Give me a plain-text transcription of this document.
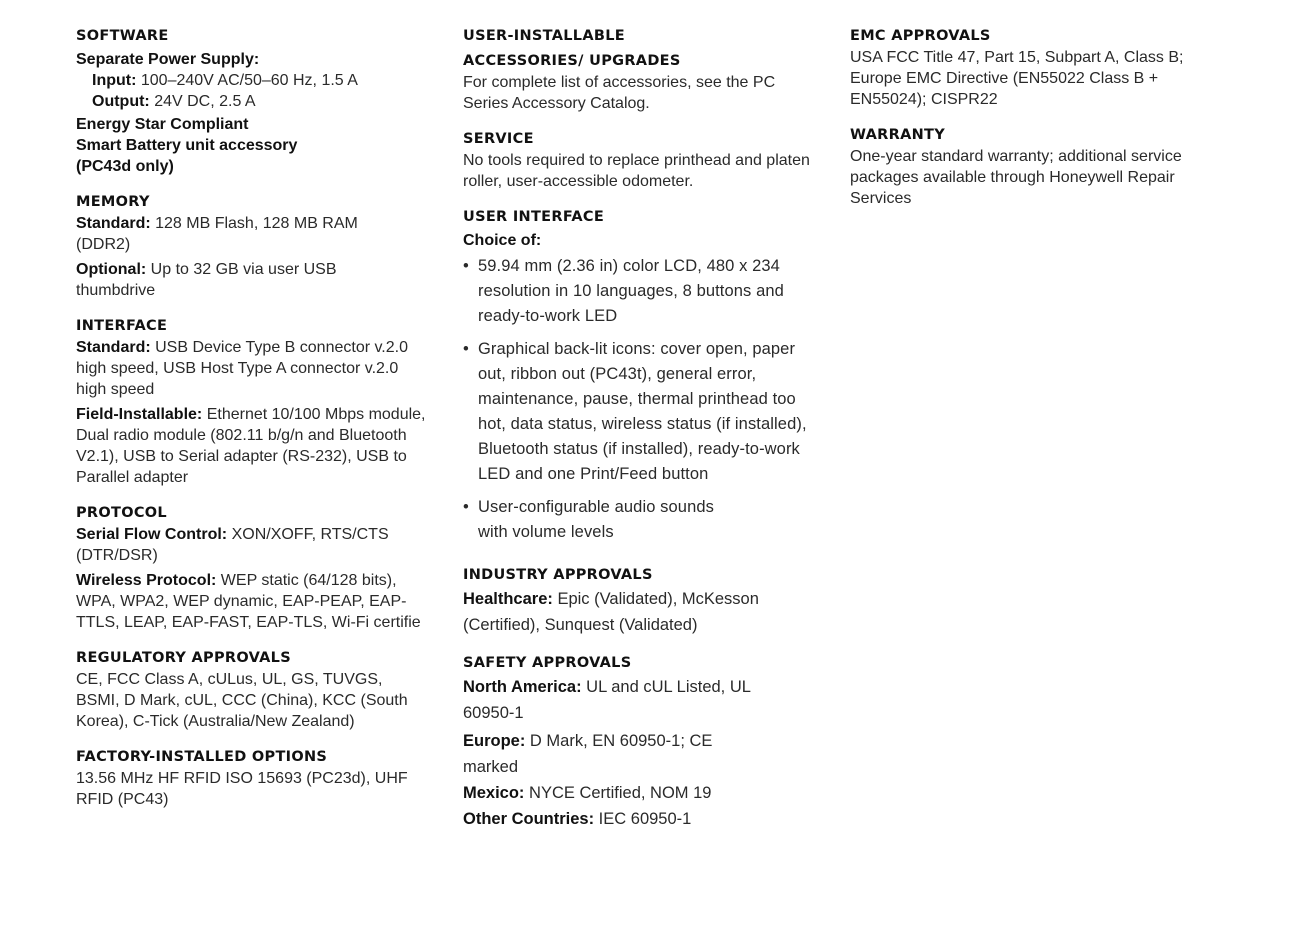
SOFTWARE
Separate Power Supply:
Input: 100–240V AC/50–60 Hz, 1.5 A
Output: 24V DC, 2.5 A
Energy Star Compliant
Smart Battery unit accessory
(PC43d only)
MEMORY
Standard: 128 MB Flash, 128 MB RAM (DDR2)
Optional: Up to 32 GB via user USB thumbdrive
INTERFACE
Standard: USB Device Type B connector v.2.0 high speed, USB Host Type A connector v.2.0 high speed
Field-Installable: Ethernet 10/100 Mbps module, Dual radio module (802.11 b/g/n and Bluetooth V2.1), USB to Serial adapter (RS-232), USB to Parallel adapter
PROTOCOL
Serial Flow Control: XON/XOFF, RTS/CTS (DTR/DSR)
Wireless Protocol: WEP static (64/128 bits), WPA, WPA2, WEP dynamic, EAP-PEAP, EAP- TTLS, LEAP, EAP-FAST, EAP-TLS, Wi-Fi certifie
REGULATORY APPROVALS
CE, FCC Class A, cULus, UL, GS, TUVGS, BSMI, D Mark, cUL, CCC (China), KCC (South Korea), C-Tick (Australia/New Zealand)
FACTORY-INSTALLED OPTIONS
13.56 MHz HF RFID ISO 15693 (PC23d), UHF RFID (PC43)
USER-INSTALLABLE
ACCESSORIES/ UPGRADES
For complete list of accessories, see the PC Series Accessory Catalog.
SERVICE
No tools required to replace printhead and platen roller, user-accessible odometer.
USER INTERFACE
Choice of:
• 59.94 mm (2.36 in) color LCD, 480 x 234 resolution in 10 languages, 8 buttons and ready-to-work LED
• Graphical back-lit icons: cover open, paper out, ribbon out (PC43t), general error, maintenance, pause, thermal printhead too hot, data status, wireless status (if installed), Bluetooth status (if installed), ready-to-work LED and one Print/Feed button
• User-configurable audio sounds with volume levels
INDUSTRY APPROVALS
Healthcare: Epic (Validated), McKesson (Certified), Sunquest (Validated)
SAFETY APPROVALS
North America: UL and cUL Listed, UL 60950-1
Europe: D Mark, EN 60950-1; CE marked
Mexico: NYCE Certified, NOM 19
Other Countries: IEC 60950-1
EMC APPROVALS
USA FCC Title 47, Part 15, Subpart A, Class B; Europe EMC Directive (EN55022 Class B + EN55024); CISPR22
WARRANTY
One-year standard warranty; additional service packages available through Honeywell Repair Services
